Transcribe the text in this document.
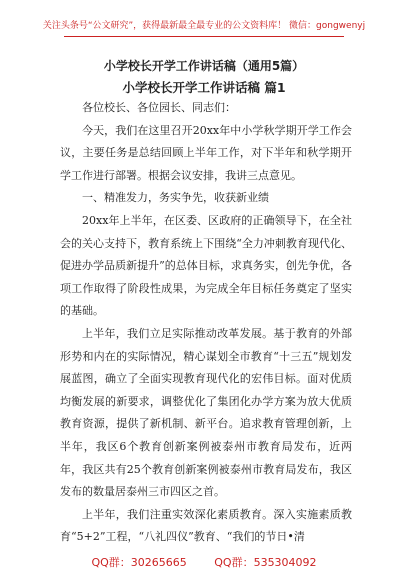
关注头条号“公文研究”，获得最新最全最专业的公文资料库！ 微信：gongwenyj
小学校长开学工作讲话稿（通用5篇）
小学校长开学工作讲话稿 篇1

各位校长、各位园长、同志们：

今天，我们在这里召开20xx年中小学秋学期开学工作会议，主要任务是总结回顾上半年工作，对下半年和秋学期开学工作进行部署。根据会议安排，我讲三点意见。

一、精准发力，务实争先，收获新业绩

20xx年上半年，在区委、区政府的正确领导下，在全社会的关心支持下，教育系统上下围绕“全力冲刺教育现代化、促进办学品质新提升”的总体目标，求真务实，创先争优，各项工作取得了阶段性成果，为完成全年目标任务奠定了坚实的基础。

上半年，我们立足实际推动改革发展。基于教育的外部形势和内在的实际情况，精心谋划全市教育“十三五”规划发展蓝图，确立了全面实现教育现代化的宏伟目标。面对优质均衡发展的新要求，调整优化了集团化办学方案为放大优质教育资源，提供了新机制、新平台。追求教育管理创新，上半年，我区6个教育创新案例被泰州市教育局发布，近两年，我区共有25个教育创新案例被泰州市教育局发布，我区发布的数量居泰州三市四区之首。

上半年，我们注重实效深化素质教育。深入实施素质教育“5+2”工程，“八礼四仪”教育、“我们的节日•清

QQ群：30265665	QQ群：535304092
